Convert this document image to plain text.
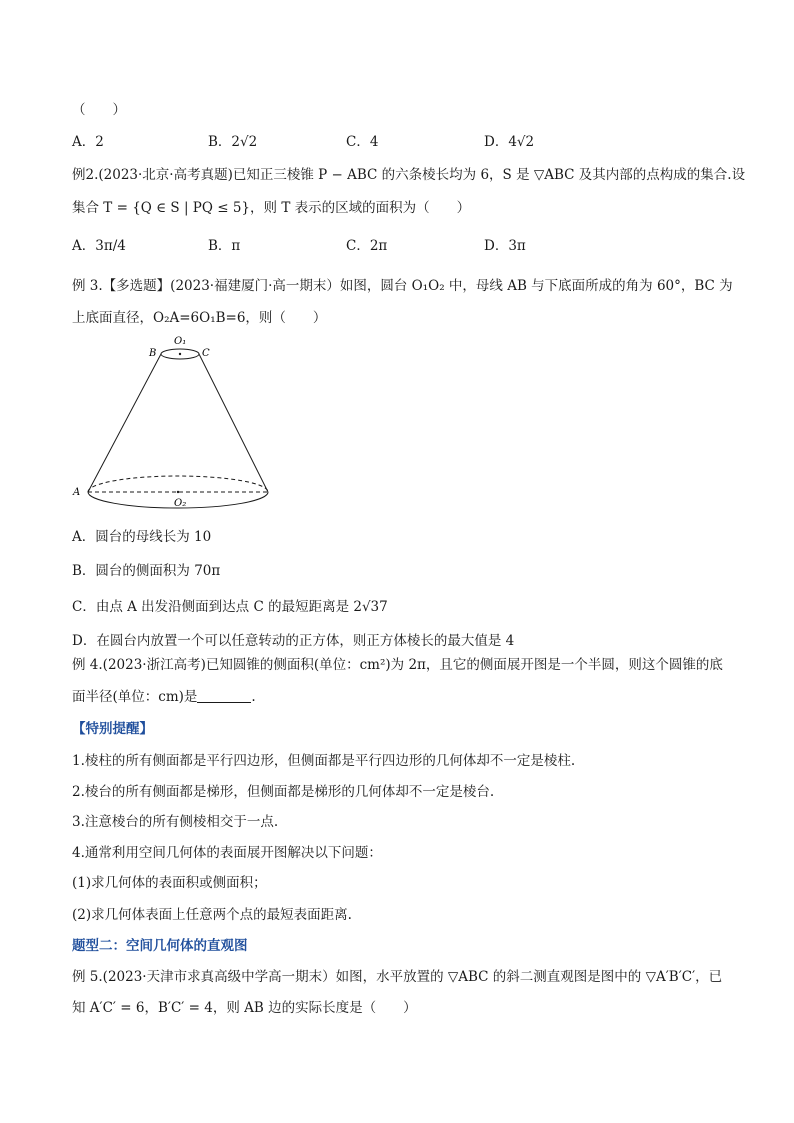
（　　）
A．2	B．2√2	C．4	D．4√2
例2.(2023·北京·高考真题)已知正三棱锥 P − ABC 的六条棱长均为 6，S 是 ▽ABC 及其内部的点构成的集合.设
集合 T = {Q ∈ S | PQ ≤ 5}，则 T 表示的区域的面积为（　　）
A．3π/4	B．π	C．2π	D．3π
例 3.【多选题】(2023·福建厦门·高一期末）如图，圆台 O₁O₂ 中，母线 AB 与下底面所成的角为 60°，BC 为
上底面直径，O₂A=6O₁B=6，则（　　）
O₁
B	C
A
O₂
A．圆台的母线长为 10
B．圆台的侧面积为 70π
C．由点 A 出发沿侧面到达点 C 的最短距离是 2√37
D．在圆台内放置一个可以任意转动的正方体，则正方体棱长的最大值是 4
例 4.(2023·浙江高考)已知圆锥的侧面积(单位：cm²)为 2π，且它的侧面展开图是一个半圆，则这个圆锥的底
面半径(单位：cm)是	.
【特别提醒】
1.棱柱的所有侧面都是平行四边形，但侧面都是平行四边形的几何体却不一定是棱柱.
2.棱台的所有侧面都是梯形，但侧面都是梯形的几何体却不一定是棱台.
3.注意棱台的所有侧棱相交于一点.
4.通常利用空间几何体的表面展开图解决以下问题：
(1)求几何体的表面积或侧面积；
(2)求几何体表面上任意两个点的最短表面距离.
题型二：空间几何体的直观图
例 5.(2023·天津市求真高级中学高一期末）如图，水平放置的 ▽ABC 的斜二测直观图是图中的 ▽A′B′C′，已
知 A′C′ = 6，B′C′ = 4，则 AB 边的实际长度是（　　）
